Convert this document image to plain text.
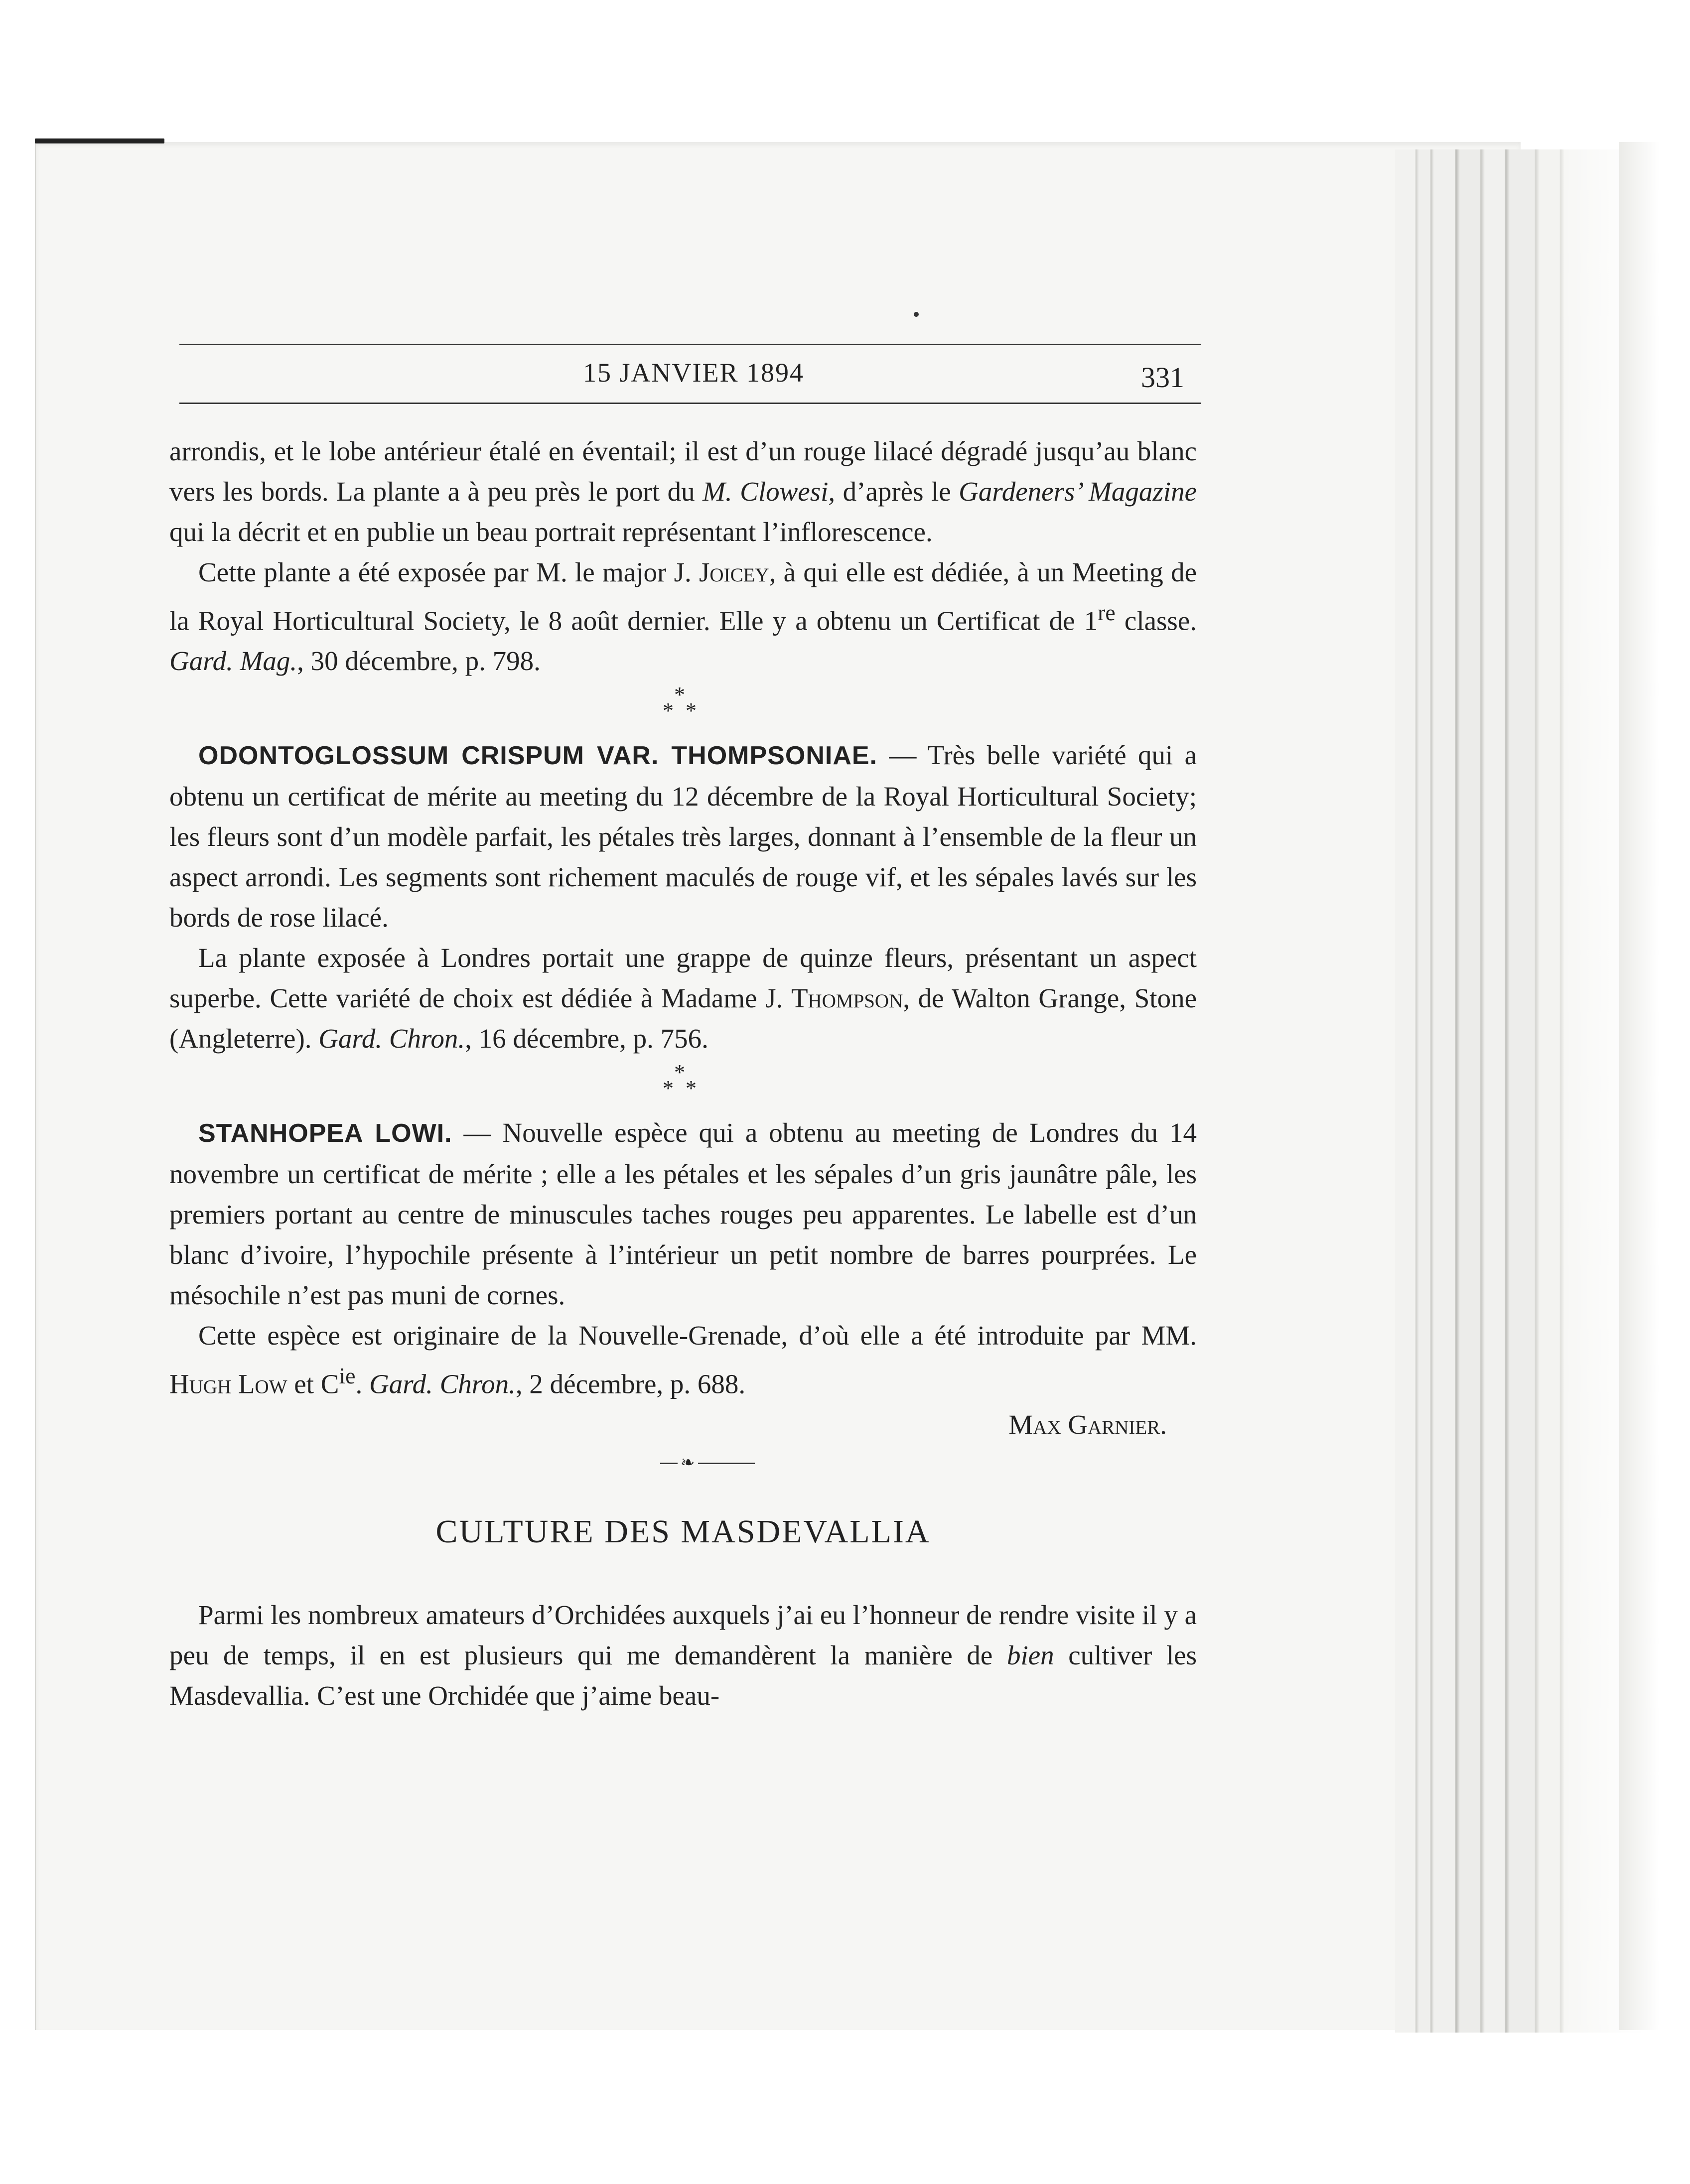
15 JANVIER 1894	331

arrondis, et le lobe antérieur étalé en éventail; il est d’un rouge lilacé dégradé jusqu’au blanc vers les bords. La plante a à peu près le port du M. Clowesi, d’après le Gardeners’ Magazine qui la décrit et en publie un beau portrait représentant l’inflorescence.

Cette plante a été exposée par M. le major J. Joicey, à qui elle est dédiée, à un Meeting de la Royal Horticultural Society, le 8 août dernier. Elle y a obtenu un Certificat de 1re classe. Gard. Mag., 30 décembre, p. 798.

*
* *

ODONTOGLOSSUM CRISPUM VAR. THOMPSONIAE. — Très belle variété qui a obtenu un certificat de mérite au meeting du 12 décembre de la Royal Horticultural Society; les fleurs sont d’un modèle parfait, les pétales très larges, donnant à l’ensemble de la fleur un aspect arrondi. Les segments sont richement maculés de rouge vif, et les sépales lavés sur les bords de rose lilacé.

La plante exposée à Londres portait une grappe de quinze fleurs, présentant un aspect superbe. Cette variété de choix est dédiée à Madame J. Thompson, de Walton Grange, Stone (Angleterre). Gard. Chron., 16 décembre, p. 756.

*
* *

STANHOPEA LOWI. — Nouvelle espèce qui a obtenu au meeting de Londres du 14 novembre un certificat de mérite ; elle a les pétales et les sépales d’un gris jaunâtre pâle, les premiers portant au centre de minuscules taches rouges peu apparentes. Le labelle est d’un blanc d’ivoire, l’hypochile présente à l’intérieur un petit nombre de barres pourprées. Le mésochile n’est pas muni de cornes.

Cette espèce est originaire de la Nouvelle-Grenade, d’où elle a été introduite par MM. Hugh Low et $C^{ie}$. Gard. Chron., 2 décembre, p. 688.

Max Garnier.

❧

CULTURE DES MASDEVALLIA

Parmi les nombreux amateurs d’Orchidées auxquels j’ai eu l’honneur de rendre visite il y a peu de temps, il en est plusieurs qui me demandèrent la manière de bien cultiver les Masdevallia. C’est une Orchidée que j’aime beau-
